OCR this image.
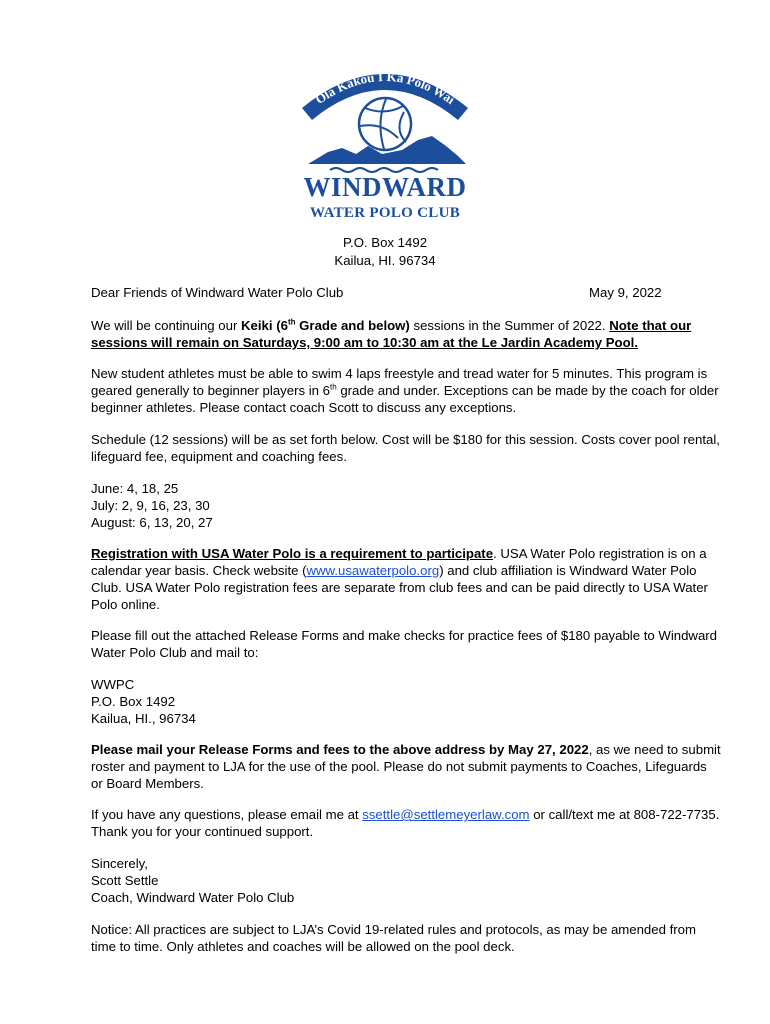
Ola Kākou I Ka Polo Wai
WINDWARD
WATER POLO CLUB
P.O. Box 1492
Kailua, HI. 96734
Dear Friends of Windward Water Polo Club	May 9, 2022
We will be continuing our Keiki (6th Grade and below) sessions in the Summer of 2022. Note that our sessions will remain on Saturdays, 9:00 am to 10:30 am at the Le Jardin Academy Pool.
New student athletes must be able to swim 4 laps freestyle and tread water for 5 minutes. This program is geared generally to beginner players in 6th grade and under. Exceptions can be made by the coach for older beginner athletes. Please contact coach Scott to discuss any exceptions.
Schedule (12 sessions) will be as set forth below. Cost will be $180 for this session. Costs cover pool rental, lifeguard fee, equipment and coaching fees.
June: 4, 18, 25
July: 2, 9, 16, 23, 30
August: 6, 13, 20, 27
Registration with USA Water Polo is a requirement to participate. USA Water Polo registration is on a calendar year basis. Check website (www.usawaterpolo.org) and club affiliation is Windward Water Polo Club. USA Water Polo registration fees are separate from club fees and can be paid directly to USA Water Polo online.
Please fill out the attached Release Forms and make checks for practice fees of $180 payable to Windward Water Polo Club and mail to:
WWPC
P.O. Box 1492
Kailua, HI., 96734
Please mail your Release Forms and fees to the above address by May 27, 2022, as we need to submit roster and payment to LJA for the use of the pool. Please do not submit payments to Coaches, Lifeguards or Board Members.
If you have any questions, please email me at ssettle@settlemeyerlaw.com or call/text me at 808-722-7735. Thank you for your continued support.
Sincerely,
Scott Settle
Coach, Windward Water Polo Club
Notice: All practices are subject to LJA’s Covid 19-related rules and protocols, as may be amended from time to time. Only athletes and coaches will be allowed on the pool deck.
